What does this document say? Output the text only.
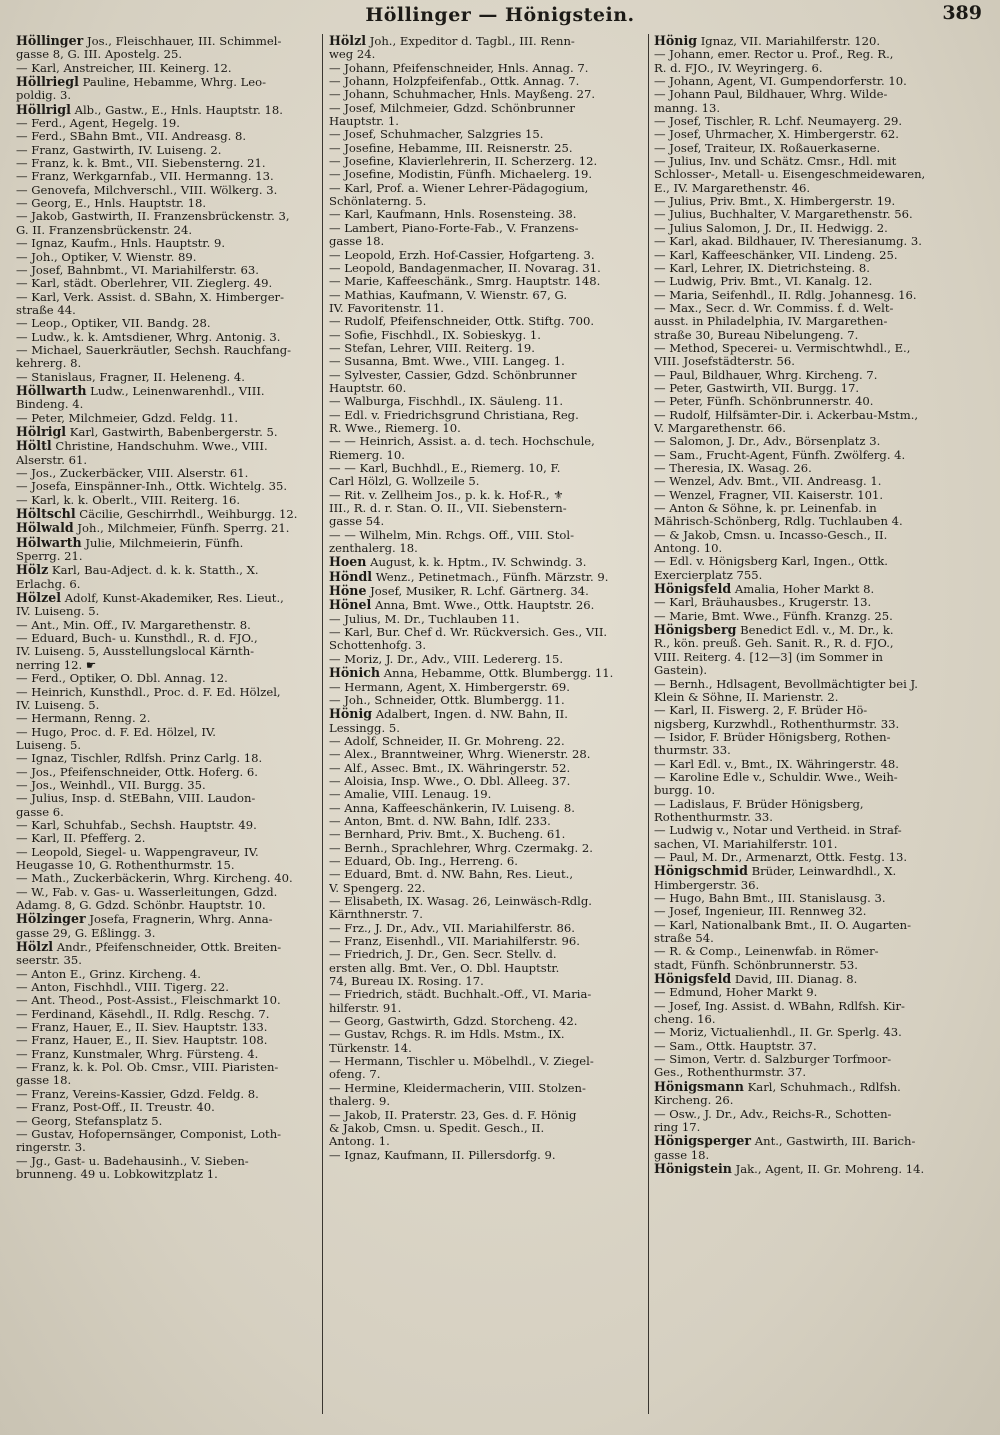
Höllinger — Hönigstein.	389
Höllinger Jos., Fleischhauer, III. Schimmel-
gasse 8, G. III. Apostelg. 25.
— Karl, Anstreicher, III. Keinerg. 12.
Höllriegl Pauline, Hebamme, Whrg. Leo-
poldig. 3.
Höllrigl Alb., Gastw., E., Hnls. Hauptstr. 18.
— Ferd., Agent, Hegelg. 19.
— Ferd., SBahn Bmt., VII. Andreasg. 8.
— Franz, Gastwirth, IV. Luiseng. 2.
— Franz, k. k. Bmt., VII. Siebensterng. 21.
— Franz, Werkgarnfab., VII. Hermanng. 13.
— Genovefa, Milchverschl., VIII. Wölkerg. 3.
— Georg, E., Hnls. Hauptstr. 18.
— Jakob, Gastwirth, II. Franzensbrückenstr. 3,
G. II. Franzensbrückenstr. 24.
— Ignaz, Kaufm., Hnls. Hauptstr. 9.
— Joh., Optiker, V. Wienstr. 89.
— Josef, Bahnbmt., VI. Mariahilferstr. 63.
— Karl, städt. Oberlehrer, VII. Zieglerg. 49.
— Karl, Verk. Assist. d. SBahn, X. Himberger-
straße 44.
— Leop., Optiker, VII. Bandg. 28.
— Ludw., k. k. Amtsdiener, Whrg. Antonig. 3.
— Michael, Sauerkräutler, Sechsh. Rauchfang-
kehrerg. 8.
— Stanislaus, Fragner, II. Heleneng. 4.
Höllwarth Ludw., Leinenwarenhdl., VIII.
Bindeng. 4.
— Peter, Milchmeier, Gdzd. Feldg. 11.
Hölrigl Karl, Gastwirth, Babenbergerstr. 5.
Höltl Christine, Handschuhm. Wwe., VIII.
Alserstr. 61.
— Jos., Zuckerbäcker, VIII. Alserstr. 61.
— Josefa, Einspänner-Inh., Ottk. Wichtelg. 35.
— Karl, k. k. Oberlt., VIII. Reiterg. 16.
Höltschl Cäcilie, Geschirrhdl., Weihburgg. 12.
Hölwald Joh., Milchmeier, Fünfh. Sperrg. 21.
Hölwarth Julie, Milchmeierin, Fünfh.
Sperrg. 21.
Hölz Karl, Bau-Adject. d. k. k. Statth., X.
Erlachg. 6.
Hölzel Adolf, Kunst-Akademiker, Res. Lieut.,
IV. Luiseng. 5.
— Ant., Min. Off., IV. Margarethenstr. 8.
— Eduard, Buch- u. Kunsthdl., R. d. FJO.,
IV. Luiseng. 5, Ausstellungslocal Kärnth-
nerring 12. ☛
— Ferd., Optiker, O. Dbl. Annag. 12.
— Heinrich, Kunsthdl., Proc. d. F. Ed. Hölzel,
IV. Luiseng. 5.
— Hermann, Renng. 2.
— Hugo, Proc. d. F. Ed. Hölzel, IV.
Luiseng. 5.
— Ignaz, Tischler, Rdlfsh. Prinz Carlg. 18.
— Jos., Pfeifenschneider, Ottk. Hoferg. 6.
— Jos., Weinhdl., VII. Burgg. 35.
— Julius, Insp. d. StEBahn, VIII. Laudon-
gasse 6.
— Karl, Schuhfab., Sechsh. Hauptstr. 49.
— Karl, II. Pfefferg. 2.
— Leopold, Siegel- u. Wappengraveur, IV.
Heugasse 10, G. Rothenthurmstr. 15.
— Math., Zuckerbäckerin, Whrg. Kircheng. 40.
— W., Fab. v. Gas- u. Wasserleitungen, Gdzd.
Adamg. 8, G. Gdzd. Schönbr. Hauptstr. 10.
Hölzinger Josefa, Fragnerin, Whrg. Anna-
gasse 29, G. Eßlingg. 3.
Hölzl Andr., Pfeifenschneider, Ottk. Breiten-
seerstr. 35.
— Anton E., Grinz. Kircheng. 4.
— Anton, Fischhdl., VIII. Tigerg. 22.
— Ant. Theod., Post-Assist., Fleischmarkt 10.
— Ferdinand, Käsehdl., II. Rdlg. Reschg. 7.
— Franz, Hauer, E., II. Siev. Hauptstr. 133.
— Franz, Hauer, E., II. Siev. Hauptstr. 108.
— Franz, Kunstmaler, Whrg. Fürsteng. 4.
— Franz, k. k. Pol. Ob. Cmsr., VIII. Piaristen-
gasse 18.
— Franz, Vereins-Kassier, Gdzd. Feldg. 8.
— Franz, Post-Off., II. Treustr. 40.
— Georg, Stefansplatz 5.
— Gustav, Hofopernsänger, Componist, Loth-
ringerstr. 3.
— Jg., Gast- u. Badehausinh., V. Sieben-
brunneng. 49 u. Lobkowitzplatz 1.
Hölzl Joh., Expeditor d. Tagbl., III. Renn-
weg 24.
— Johann, Pfeifenschneider, Hnls. Annag. 7.
— Johann, Holzpfeifenfab., Ottk. Annag. 7.
— Johann, Schuhmacher, Hnls. Mayßeng. 27.
— Josef, Milchmeier, Gdzd. Schönbrunner
Hauptstr. 1.
— Josef, Schuhmacher, Salzgries 15.
— Josefine, Hebamme, III. Reisnerstr. 25.
— Josefine, Klavierlehrerin, II. Scherzerg. 12.
— Josefine, Modistin, Fünfh. Michaelerg. 19.
— Karl, Prof. a. Wiener Lehrer-Pädagogium,
Schönlaterng. 5.
— Karl, Kaufmann, Hnls. Rosensteing. 38.
— Lambert, Piano-Forte-Fab., V. Franzens-
gasse 18.
— Leopold, Erzh. Hof-Cassier, Hofgarteng. 3.
— Leopold, Bandagenmacher, II. Novarag. 31.
— Marie, Kaffeeschänk., Smrg. Hauptstr. 148.
— Mathias, Kaufmann, V. Wienstr. 67, G.
IV. Favoritenstr. 11.
— Rudolf, Pfeifenschneider, Ottk. Stiftg. 700.
— Sofie, Fischhdl., IX. Sobieskyg. 1.
— Stefan, Lehrer, VIII. Reiterg. 19.
— Susanna, Bmt. Wwe., VIII. Langeg. 1.
— Sylvester, Cassier, Gdzd. Schönbrunner
Hauptstr. 60.
— Walburga, Fischhdl., IX. Säuleng. 11.
— Edl. v. Friedrichsgrund Christiana, Reg.
R. Wwe., Riemerg. 10.
— — Heinrich, Assist. a. d. tech. Hochschule,
Riemerg. 10.
— — Karl, Buchhdl., E., Riemerg. 10, F.
Carl Hölzl, G. Wollzeile 5.
— Rit. v. Zellheim Jos., p. k. k. Hof-R., ⚜
III., R. d. r. Stan. O. II., VII. Siebenstern-
gasse 54.
— — Wilhelm, Min. Rchgs. Off., VIII. Stol-
zenthalerg. 18.
Hoen August, k. k. Hptm., IV. Schwindg. 3.
Höndl Wenz., Petinetmach., Fünfh. Märzstr. 9.
Höne Josef, Musiker, R. Lchf. Gärtnerg. 34.
Hönel Anna, Bmt. Wwe., Ottk. Hauptstr. 26.
— Julius, M. Dr., Tuchlauben 11.
— Karl, Bur. Chef d. Wr. Rückversich. Ges., VII.
Schottenhofg. 3.
— Moriz, J. Dr., Adv., VIII. Ledererg. 15.
Hönich Anna, Hebamme, Ottk. Blumbergg. 11.
— Hermann, Agent, X. Himbergerstr. 69.
— Joh., Schneider, Ottk. Blumbergg. 11.
Hönig Adalbert, Ingen. d. NW. Bahn, II.
Lessingg. 5.
— Adolf, Schneider, II. Gr. Mohreng. 22.
— Alex., Branntweiner, Whrg. Wienerstr. 28.
— Alf., Assec. Bmt., IX. Währingerstr. 52.
— Aloisia, Insp. Wwe., O. Dbl. Alleeg. 37.
— Amalie, VIII. Lenaug. 19.
— Anna, Kaffeeschänkerin, IV. Luiseng. 8.
— Anton, Bmt. d. NW. Bahn, Idlf. 233.
— Bernhard, Priv. Bmt., X. Bucheng. 61.
— Bernh., Sprachlehrer, Whrg. Czermakg. 2.
— Eduard, Ob. Ing., Herreng. 6.
— Eduard, Bmt. d. NW. Bahn, Res. Lieut.,
V. Spengerg. 22.
— Elisabeth, IX. Wasag. 26, Leinwäsch-Rdlg.
Kärnthnerstr. 7.
— Frz., J. Dr., Adv., VII. Mariahilferstr. 86.
— Franz, Eisenhdl., VII. Mariahilferstr. 96.
— Friedrich, J. Dr., Gen. Secr. Stellv. d.
ersten allg. Bmt. Ver., O. Dbl. Hauptstr.
74, Bureau IX. Rosing. 17.
— Friedrich, städt. Buchhalt.-Off., VI. Maria-
hilferstr. 91.
— Georg, Gastwirth, Gdzd. Storcheng. 42.
— Gustav, Rchgs. R. im Hdls. Mstm., IX.
Türkenstr. 14.
— Hermann, Tischler u. Möbelhdl., V. Ziegel-
ofeng. 7.
— Hermine, Kleidermacherin, VIII. Stolzen-
thalerg. 9.
— Jakob, II. Praterstr. 23, Ges. d. F. Hönig
& Jakob, Cmsn. u. Spedit. Gesch., II.
Antong. 1.
— Ignaz, Kaufmann, II. Pillersdorfg. 9.
Hönig Ignaz, VII. Mariahilferstr. 120.
— Johann, emer. Rector u. Prof., Reg. R.,
R. d. FJO., IV. Weyringerg. 6.
— Johann, Agent, VI. Gumpendorferstr. 10.
— Johann Paul, Bildhauer, Whrg. Wilde-
manng. 13.
— Josef, Tischler, R. Lchf. Neumayerg. 29.
— Josef, Uhrmacher, X. Himbergerstr. 62.
— Josef, Traiteur, IX. Roßauerkaserne.
— Julius, Inv. und Schätz. Cmsr., Hdl. mit
Schlosser-, Metall- u. Eisengeschmeidewaren,
E., IV. Margarethenstr. 46.
— Julius, Priv. Bmt., X. Himbergerstr. 19.
— Julius, Buchhalter, V. Margarethenstr. 56.
— Julius Salomon, J. Dr., II. Hedwigg. 2.
— Karl, akad. Bildhauer, IV. Theresianumg. 3.
— Karl, Kaffeeschänker, VII. Lindeng. 25.
— Karl, Lehrer, IX. Dietrichsteing. 8.
— Ludwig, Priv. Bmt., VI. Kanalg. 12.
— Maria, Seifenhdl., II. Rdlg. Johannesg. 16.
— Max., Secr. d. Wr. Commiss. f. d. Welt-
ausst. in Philadelphia, IV. Margarethen-
straße 30, Bureau Nibelungeng. 7.
— Method, Specerei- u. Vermischtwhdl., E.,
VIII. Josefstädterstr. 56.
— Paul, Bildhauer, Whrg. Kircheng. 7.
— Peter, Gastwirth, VII. Burgg. 17.
— Peter, Fünfh. Schönbrunnerstr. 40.
— Rudolf, Hilfsämter-Dir. i. Ackerbau-Mstm.,
V. Margarethenstr. 66.
— Salomon, J. Dr., Adv., Börsenplatz 3.
— Sam., Frucht-Agent, Fünfh. Zwölferg. 4.
— Theresia, IX. Wasag. 26.
— Wenzel, Adv. Bmt., VII. Andreasg. 1.
— Wenzel, Fragner, VII. Kaiserstr. 101.
— Anton & Söhne, k. pr. Leinenfab. in
Mährisch-Schönberg, Rdlg. Tuchlauben 4.
— & Jakob, Cmsn. u. Incasso-Gesch., II.
Antong. 10.
— Edl. v. Hönigsberg Karl, Ingen., Ottk.
Exercierplatz 755.
Hönigsfeld Amalia, Hoher Markt 8.
— Karl, Bräuhausbes., Krugerstr. 13.
— Marie, Bmt. Wwe., Fünfh. Kranzg. 25.
Hönigsberg Benedict Edl. v., M. Dr., k.
R., kön. preuß. Geh. Sanit. R., R. d. FJO.,
VIII. Reiterg. 4. [12—3] (im Sommer in
Gastein).
— Bernh., Hdlsagent, Bevollmächtigter bei J.
Klein & Söhne, II. Marienstr. 2.
— Karl, II. Fiswerg. 2, F. Brüder Hö-
nigsberg, Kurzwhdl., Rothenthurmstr. 33.
— Isidor, F. Brüder Hönigsberg, Rothen-
thurmstr. 33.
— Karl Edl. v., Bmt., IX. Währingerstr. 48.
— Karoline Edle v., Schuldir. Wwe., Weih-
burgg. 10.
— Ladislaus, F. Brüder Hönigsberg,
Rothenthurmstr. 33.
— Ludwig v., Notar und Vertheid. in Straf-
sachen, VI. Mariahilferstr. 101.
— Paul, M. Dr., Armenarzt, Ottk. Festg. 13.
Hönigschmid Brüder, Leinwardhdl., X.
Himbergerstr. 36.
— Hugo, Bahn Bmt., III. Stanislausg. 3.
— Josef, Ingenieur, III. Rennweg 32.
— Karl, Nationalbank Bmt., II. O. Augarten-
straße 54.
— R. & Comp., Leinenwfab. in Römer-
stadt, Fünfh. Schönbrunnerstr. 53.
Hönigsfeld David, III. Dianag. 8.
— Edmund, Hoher Markt 9.
— Josef, Ing. Assist. d. WBahn, Rdlfsh. Kir-
cheng. 16.
— Moriz, Victualienhdl., II. Gr. Sperlg. 43.
— Sam., Ottk. Hauptstr. 37.
— Simon, Vertr. d. Salzburger Torfmoor-
Ges., Rothenthurmstr. 37.
Hönigsmann Karl, Schuhmach., Rdlfsh.
Kircheng. 26.
— Osw., J. Dr., Adv., Reichs-R., Schotten-
ring 17.
Hönigsperger Ant., Gastwirth, III. Barich-
gasse 18.
Hönigstein Jak., Agent, II. Gr. Mohreng. 14.
